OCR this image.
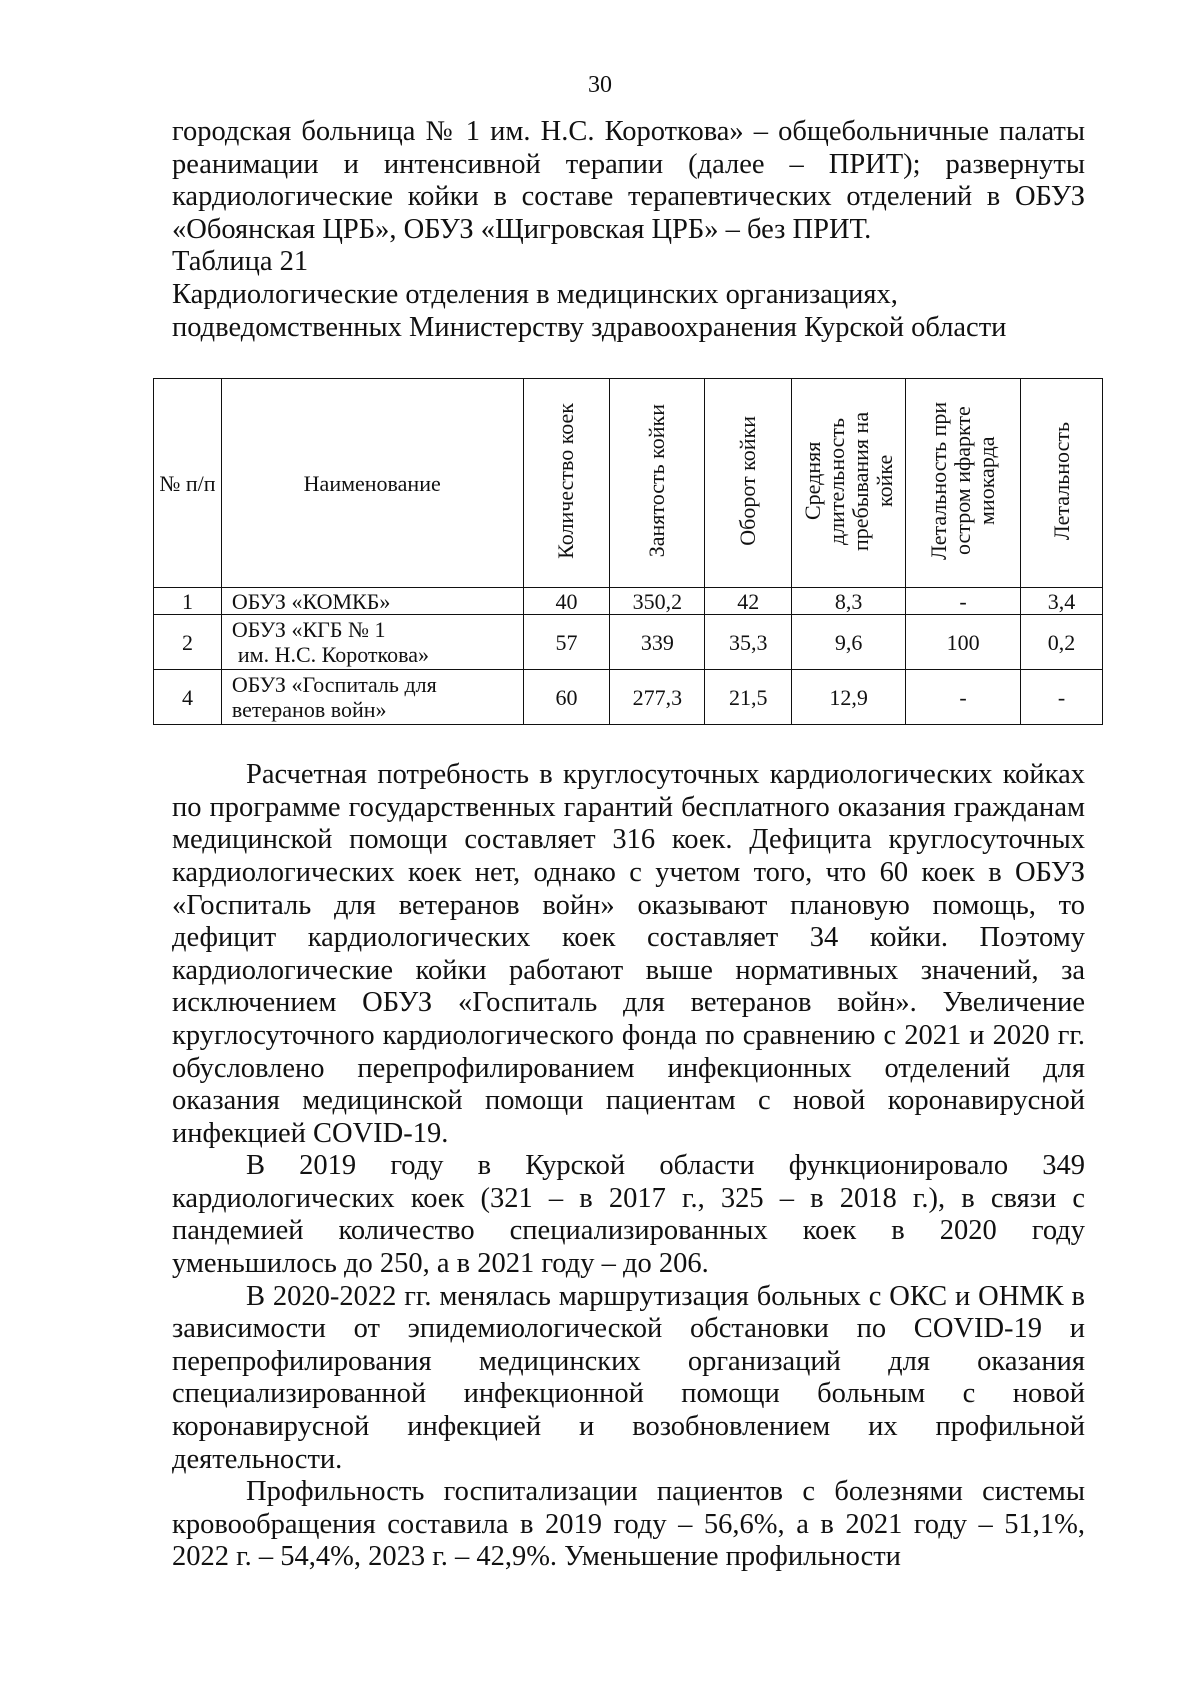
30

городская больница № 1 им. Н.С. Короткова» – общебольничные палаты реанимации и интенсивной терапии (далее – ПРИТ); развернуты кардиологические койки в составе терапевтических отделений в ОБУЗ «Обоянская ЦРБ», ОБУЗ «Щигровская ЦРБ» – без ПРИТ.

Таблица 21

Кардиологические отделения в медицинских организациях,

подведомственных Министерству здравоохранения Курской области

№ п/п	Наименование	Количество коек	Занятость койки	Оборот койки	Средняя длительность пребывания на койке	Летальность при остром ифаркте миокарда	Летальность
1	ОБУЗ «КОМКБ»	40	350,2	42	8,3	-	3,4
2	ОБУЗ «КГБ № 1
им. Н.С. Короткова»	57	339	35,3	9,6	100	0,2
4	ОБУЗ «Госпиталь для
ветеранов войн»	60	277,3	21,5	12,9	-	-

Расчетная потребность в круглосуточных кардиологических койках по программе государственных гарантий бесплатного оказания гражданам медицинской помощи составляет 316 коек. Дефицита круглосуточных кардиологических коек нет, однако с учетом того, что 60 коек в ОБУЗ «Госпиталь для ветеранов войн» оказывают плановую помощь, то дефицит кардиологических коек составляет 34 койки. Поэтому кардиологические койки работают выше нормативных значений, за исключением ОБУЗ «Госпиталь для ветеранов войн». Увеличение круглосуточного кардиологического фонда по сравнению с 2021 и 2020 гг. обусловлено перепрофилированием инфекционных отделений для оказания медицинской помощи пациентам с новой коронавирусной инфекцией COVID-19.

В 2019 году в Курской области функционировало 349 кардиологических коек (321 – в 2017 г., 325 – в 2018 г.), в связи с пандемией количество специализированных коек в 2020 году уменьшилось до 250, а в 2021 году – до 206.

В 2020-2022 гг. менялась маршрутизация больных с ОКС и ОНМК в зависимости от эпидемиологической обстановки по COVID-19 и перепрофилирования медицинских организаций для оказания специализированной инфекционной помощи больным с новой коронавирусной инфекцией и возобновлением их профильной деятельности.

Профильность госпитализации пациентов с болезнями системы кровообращения составила в 2019 году – 56,6%, а в 2021 году – 51,1%, 2022 г. – 54,4%, 2023 г. – 42,9%. Уменьшение профильности
